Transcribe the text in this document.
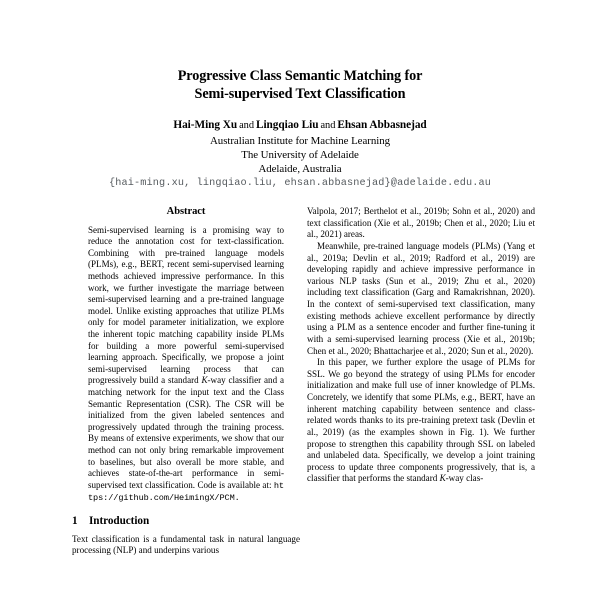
Progressive Class Semantic Matching for
Semi-supervised Text Classification
Hai-Ming Xu and Lingqiao Liu and Ehsan Abbasnejad
Australian Institute for Machine Learning
The University of Adelaide
Adelaide, Australia
{hai-ming.xu, lingqiao.liu, ehsan.abbasnejad}@adelaide.edu.au
Abstract
Semi-supervised learning is a promising way to reduce the annotation cost for text-classification. Combining with pre-trained language models (PLMs), e.g., BERT, recent semi-supervised learning methods achieved impressive performance. In this work, we further investigate the marriage between semi-supervised learning and a pre-trained language model. Unlike existing approaches that utilize PLMs only for model parameter initialization, we explore the inherent topic matching capability inside PLMs for building a more powerful semi-supervised learning approach. Specifically, we propose a joint semi-supervised learning process that can progressively build a standard K-way classifier and a matching network for the input text and the Class Semantic Representation (CSR). The CSR will be initialized from the given labeled sentences and progressively updated through the training process. By means of extensive experiments, we show that our method can not only bring remarkable improvement to baselines, but also overall be more stable, and achieves state-of-the-art performance in semi-supervised text classification. Code is available at: https://github.com/HeimingX/PCM.
1 Introduction

Text classification is a fundamental task in natural language processing (NLP) and underpins various

Valpola, 2017; Berthelot et al., 2019b; Sohn et al., 2020) and text classification (Xie et al., 2019b; Chen et al., 2020; Liu et al., 2021) areas.

Meanwhile, pre-trained language models (PLMs) (Yang et al., 2019a; Devlin et al., 2019; Radford et al., 2019) are developing rapidly and achieve impressive performance in various NLP tasks (Sun et al., 2019; Zhu et al., 2020) including text classification (Garg and Ramakrishnan, 2020). In the context of semi-supervised text classification, many existing methods achieve excellent performance by directly using a PLM as a sentence encoder and further fine-tuning it with a semi-supervised learning process (Xie et al., 2019b; Chen et al., 2020; Bhattacharjee et al., 2020; Sun et al., 2020).

In this paper, we further explore the usage of PLMs for SSL. We go beyond the strategy of using PLMs for encoder initialization and make full use of inner knowledge of PLMs. Concretely, we identify that some PLMs, e.g., BERT, have an inherent matching capability between sentence and class-related words thanks to its pre-training pretext task (Devlin et al., 2019) (as the examples shown in Fig. 1). We further propose to strengthen this capability through SSL on labeled and unlabeled data. Specifically, we develop a joint training process to update three components progressively, that is, a classifier that performs the standard K-way clas-
